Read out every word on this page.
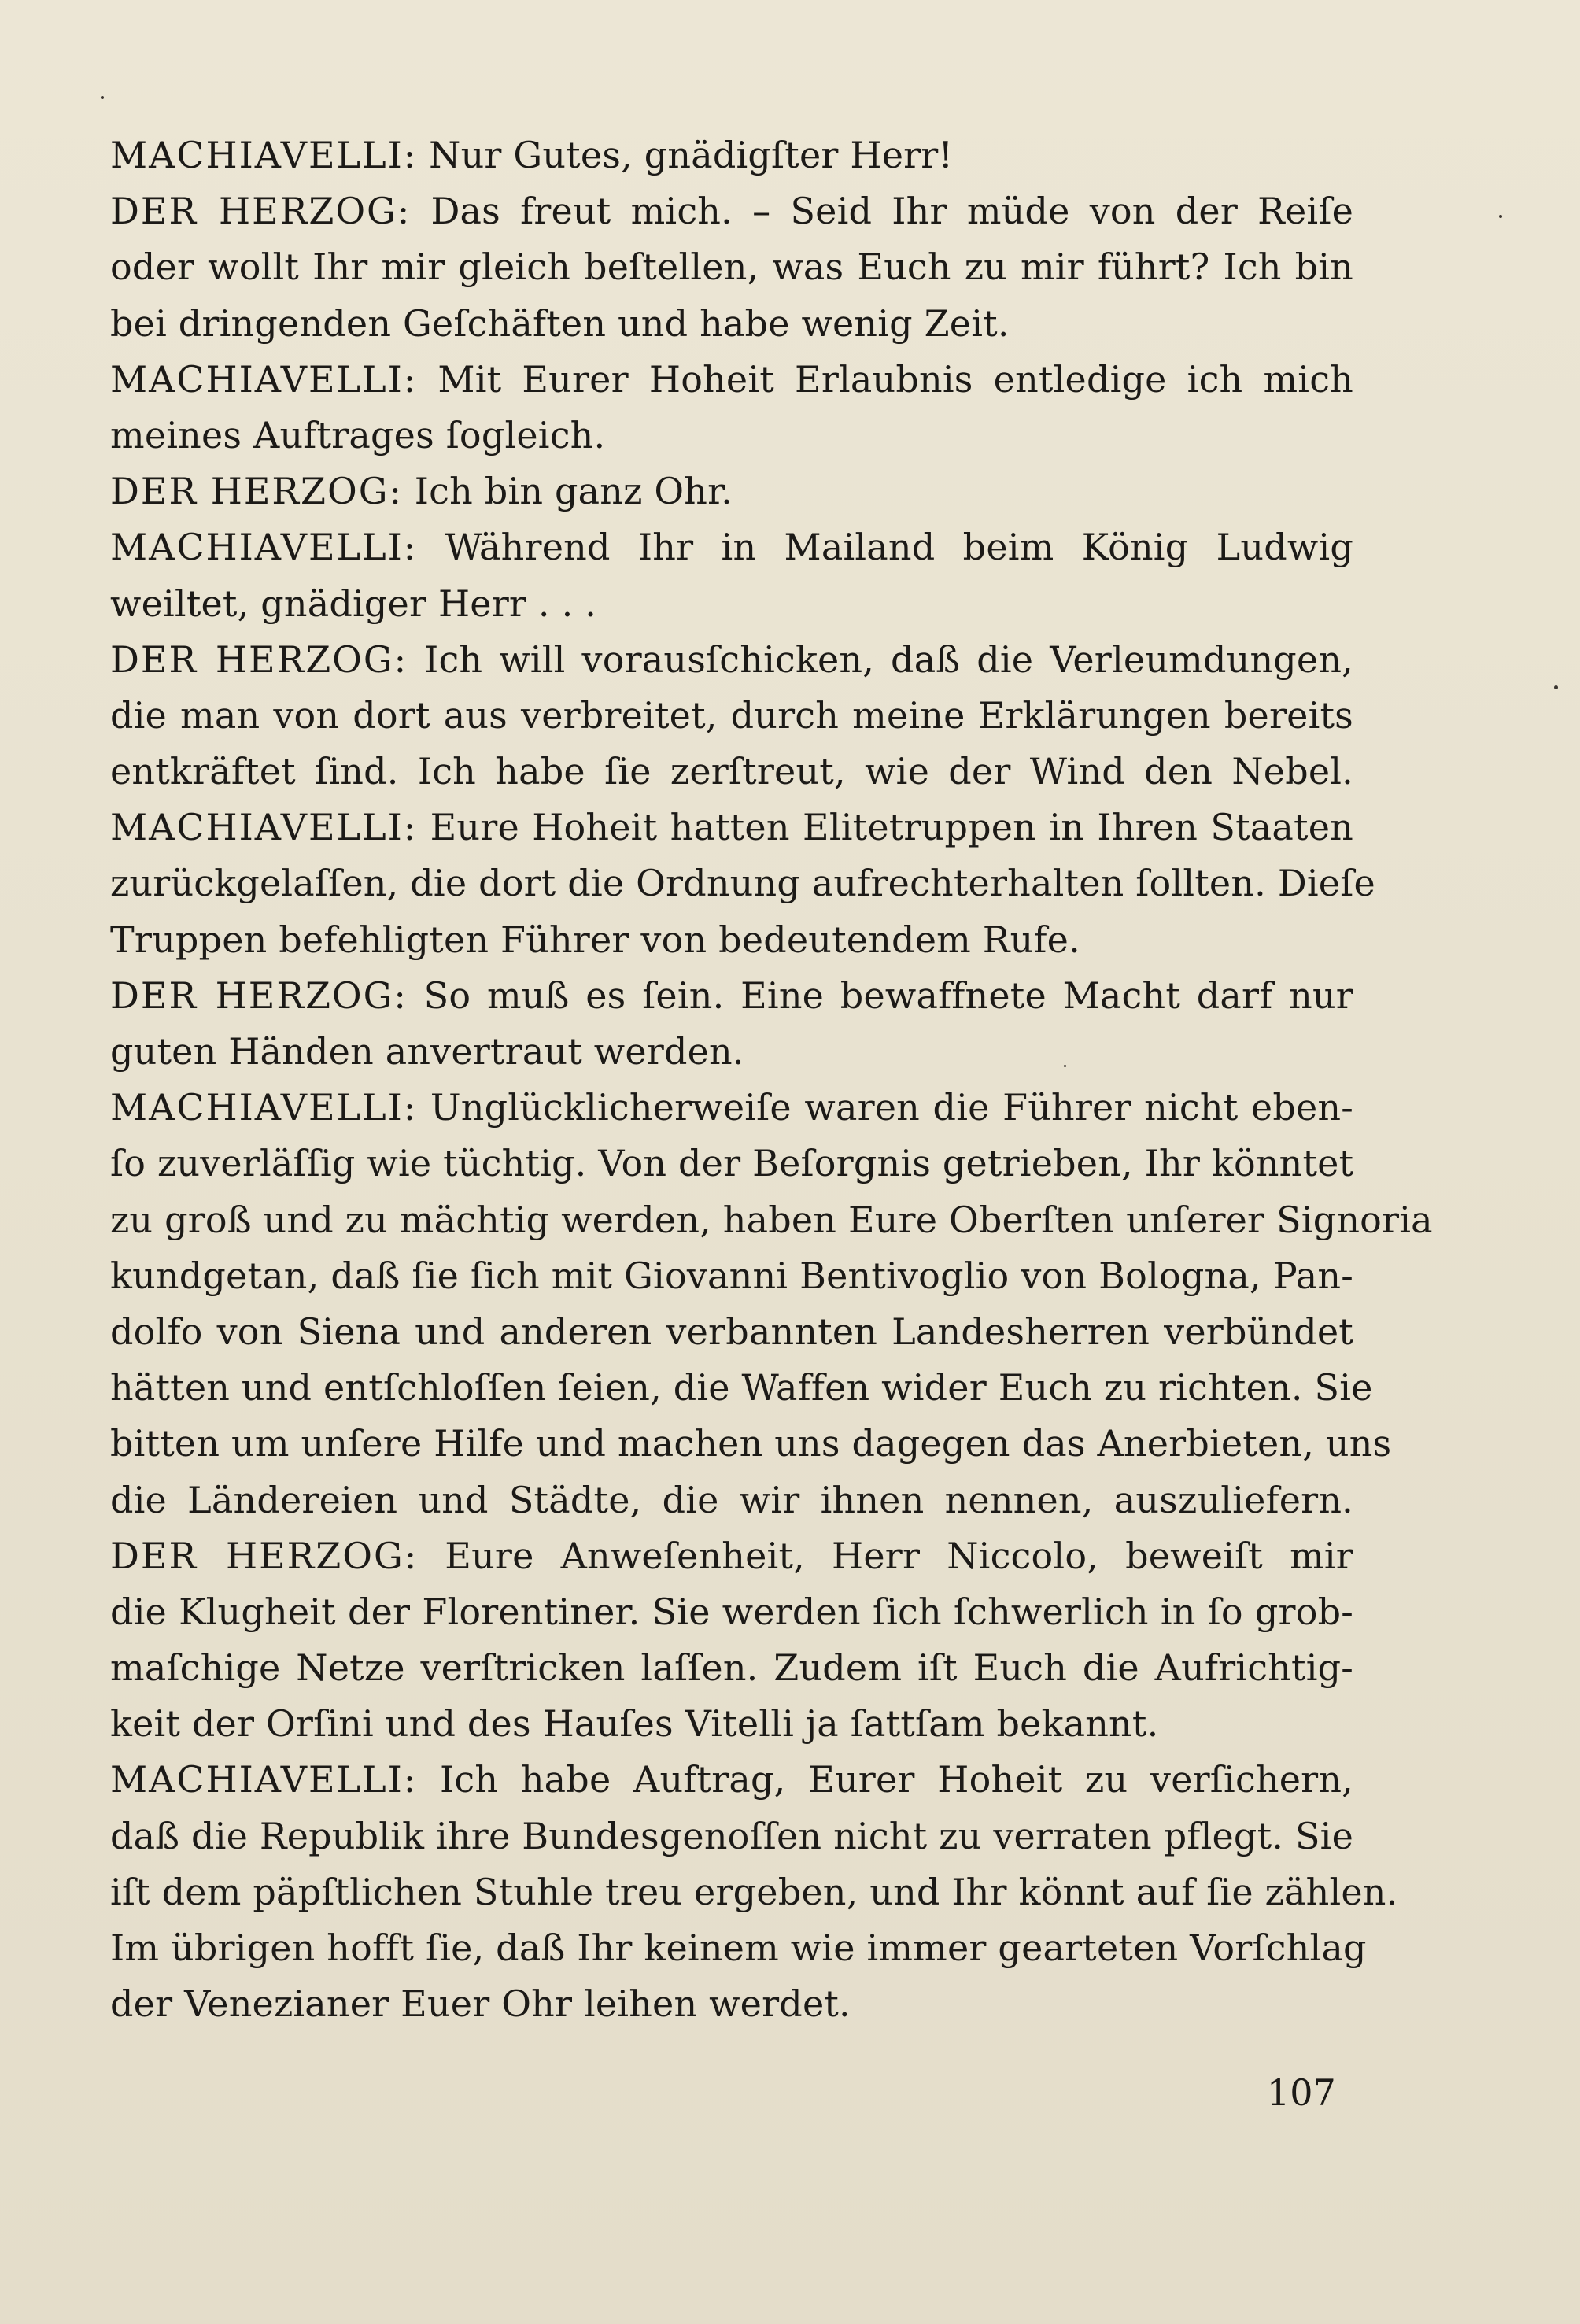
MACHIAVELLI: Nur Gutes, gnädigſter Herr!
DER HERZOG: Das freut mich. – Seid Ihr müde von der Reiſe
oder wollt Ihr mir gleich beſtellen, was Euch zu mir führt? Ich bin
bei dringenden Geſchäften und habe wenig Zeit.
MACHIAVELLI: Mit Eurer Hoheit Erlaubnis entledige ich mich
meines Auftrages ſogleich.
DER HERZOG: Ich bin ganz Ohr.
MACHIAVELLI: Während Ihr in Mailand beim König Ludwig
weiltet, gnädiger Herr . . .
DER HERZOG: Ich will vorausſchicken, daß die Verleumdungen,
die man von dort aus verbreitet, durch meine Erklärungen bereits
entkräftet ſind. Ich habe ſie zerſtreut, wie der Wind den Nebel.
MACHIAVELLI: Eure Hoheit hatten Elitetruppen in Ihren Staaten
zurückgelaſſen, die dort die Ordnung aufrechterhalten ſollten. Dieſe
Truppen befehligten Führer von bedeutendem Rufe.
DER HERZOG: So muß es ſein. Eine bewaffnete Macht darf nur
guten Händen anvertraut werden.
MACHIAVELLI: Unglücklicherweiſe waren die Führer nicht eben-
ſo zuverläſſig wie tüchtig. Von der Beſorgnis getrieben, Ihr könntet
zu groß und zu mächtig werden, haben Eure Oberſten unſerer Signoria
kundgetan, daß ſie ſich mit Giovanni Bentivoglio von Bologna, Pan-
dolfo von Siena und anderen verbannten Landesherren verbündet
hätten und entſchloſſen ſeien, die Waffen wider Euch zu richten. Sie
bitten um unſere Hilfe und machen uns dagegen das Anerbieten, uns
die Ländereien und Städte, die wir ihnen nennen, auszuliefern.
DER HERZOG: Eure Anweſenheit, Herr Niccolo, beweiſt mir
die Klugheit der Florentiner. Sie werden ſich ſchwerlich in ſo grob-
maſchige Netze verſtricken laſſen. Zudem iſt Euch die Aufrichtig-
keit der Orſini und des Hauſes Vitelli ja ſattſam bekannt.
MACHIAVELLI: Ich habe Auftrag, Eurer Hoheit zu verſichern,
daß die Republik ihre Bundesgenoſſen nicht zu verraten pflegt. Sie
iſt dem päpſtlichen Stuhle treu ergeben, und Ihr könnt auf ſie zählen.
Im übrigen hofft ſie, daß Ihr keinem wie immer gearteten Vorſchlag
der Venezianer Euer Ohr leihen werdet.
107
